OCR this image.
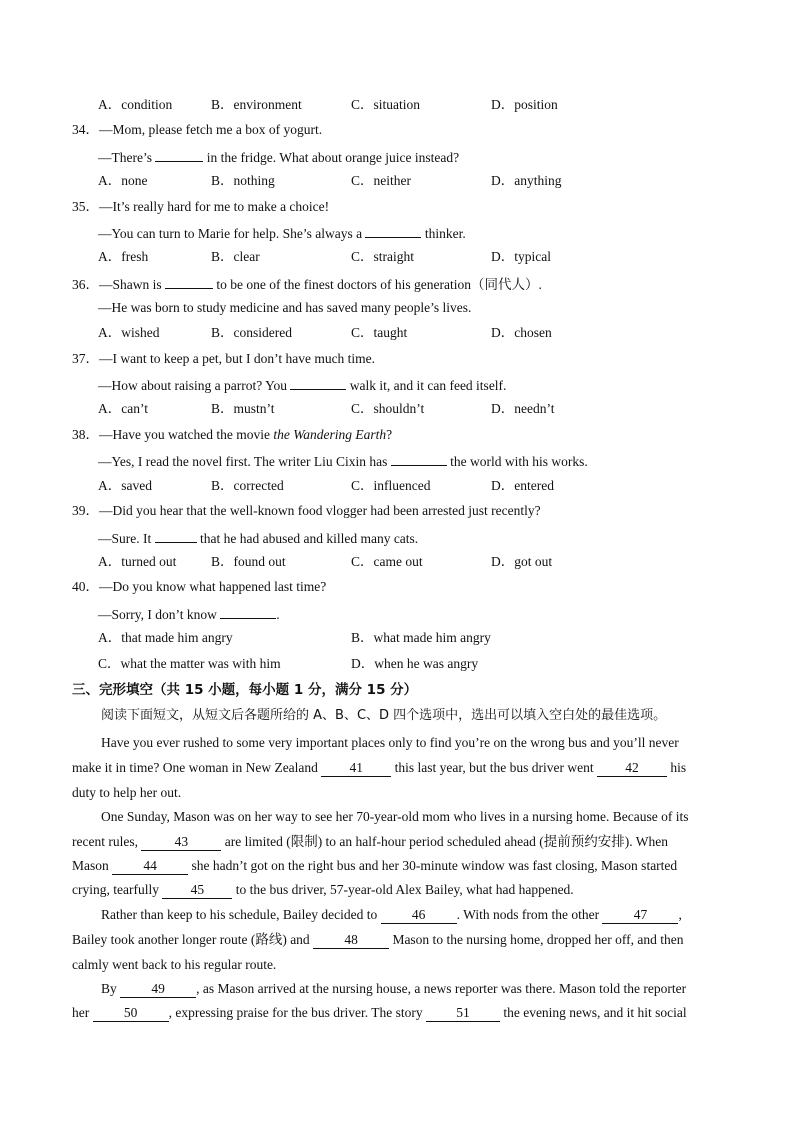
A．condition	B．environment	C．situation	D．position
34．—Mom, please fetch me a box of yogurt.
—There’s	in the fridge. What about orange juice instead?
A．none	B．nothing	C．neither	D．anything
35．—It’s really hard for me to make a choice!
—You can turn to Marie for help. She’s always a	thinker.
A．fresh	B．clear	C．straight	D．typical
36．—Shawn is	to be one of the finest doctors of his generation（同代人）.
—He was born to study medicine and has saved many people’s lives.
A．wished	B．considered	C．taught	D．chosen
37．—I want to keep a pet, but I don’t have much time.
—How about raising a parrot? You	walk it, and it can feed itself.
A．can’t	B．mustn’t	C．shouldn’t	D．needn’t
38．—Have you watched the movie the Wandering Earth?
—Yes, I read the novel first. The writer Liu Cixin has	the world with his works.
A．saved	B．corrected	C．influenced	D．entered
39．—Did you hear that the well-known food vlogger had been arrested just recently?
—Sure. It	that he had abused and killed many cats.
A．turned out	B．found out	C．came out	D．got out
40．—Do you know what happened last time?
—Sorry, I don’t know	.
A．that made him angry	B．what made him angry
C．what the matter was with him	D．when he was angry
三、完形填空（共 15 小题，每小题 1 分，满分 15 分）
阅读下面短文，从短文后各题所给的 A、B、C、D 四个选项中，选出可以填入空白处的最佳选项。
Have you ever rushed to some very important places only to find you’re on the wrong bus and you’ll never
make it in time? One woman in New Zealand 41 this last year, but the bus driver went 42 his
duty to help her out.
One Sunday, Mason was on her way to see her 70-year-old mom who lives in a nursing home. Because of its
recent rules,	43	are limited (限制) to an half-hour period scheduled ahead (提前预约安排). When
Mason	44	she hadn’t got on the right bus and her 30-minute window was fast closing, Mason started
crying, tearfully 45 to the bus driver, 57-year-old Alex Bailey, what had happened.
Rather than keep to his schedule, Bailey decided to	46 . With nods from the other	47 ,
Bailey took another longer route (路线) and	48	Mason to the nursing home, dropped her off, and then
calmly went back to his regular route.
By	49 , as Mason arrived at the nursing house, a news reporter was there. Mason told the reporter
her	50 , expressing praise for the bus driver. The story 51 the evening news, and it hit social
